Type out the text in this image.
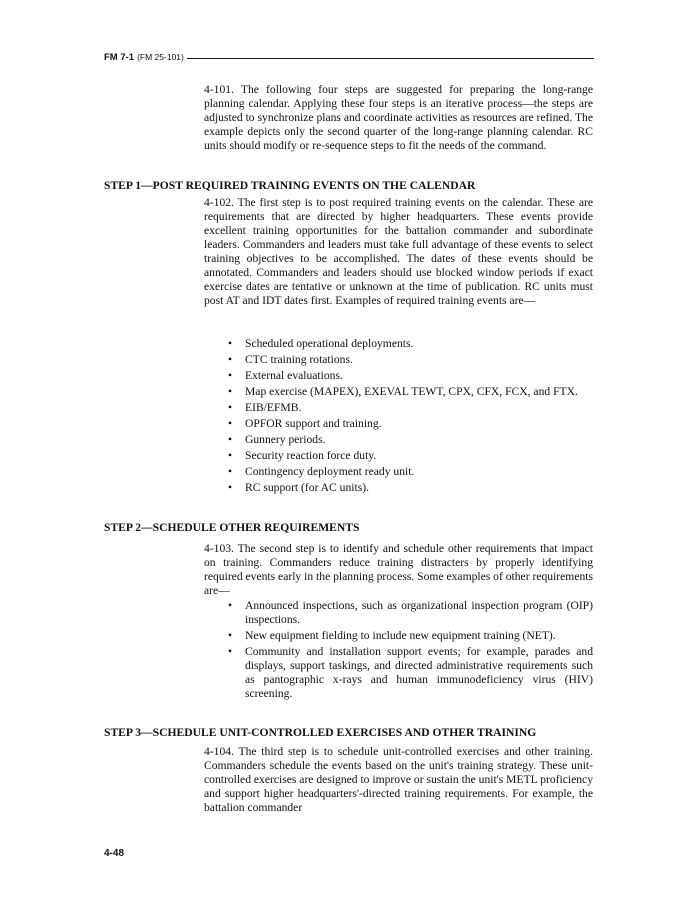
FM 7-1 (FM 25-101)

4-101. The following four steps are suggested for preparing the long-range planning calendar. Applying these four steps is an iterative process—the steps are adjusted to synchronize plans and coordinate activities as resources are refined. The example depicts only the second quarter of the long-range planning calendar. RC units should modify or re-sequence steps to fit the needs of the command.

STEP 1—POST REQUIRED TRAINING EVENTS ON THE CALENDAR

4-102. The first step is to post required training events on the calendar. These are requirements that are directed by higher headquarters. These events provide excellent training opportunities for the battalion commander and subordinate leaders. Commanders and leaders must take full advantage of these events to select training objectives to be accomplished. The dates of these events should be annotated. Commanders and leaders should use blocked window periods if exact exercise dates are tentative or unknown at the time of publication. RC units must post AT and IDT dates first. Examples of required training events are—

• Scheduled operational deployments.
• CTC training rotations.
• External evaluations.
• Map exercise (MAPEX), EXEVAL TEWT, CPX, CFX, FCX, and FTX.
• EIB/EFMB.
• OPFOR support and training.
• Gunnery periods.
• Security reaction force duty.
• Contingency deployment ready unit.
• RC support (for AC units).
STEP 2—SCHEDULE OTHER REQUIREMENTS

4-103. The second step is to identify and schedule other requirements that impact on training. Commanders reduce training distracters by properly identifying required events early in the planning process. Some examples of other requirements are—

• Announced inspections, such as organizational inspection program (OIP) inspections.
• New equipment fielding to include new equipment training (NET).
• Community and installation support events; for example, parades and displays, support taskings, and directed administrative requirements such as pantographic x-rays and human immunodeficiency virus (HIV) screening.
STEP 3—SCHEDULE UNIT-CONTROLLED EXERCISES AND OTHER TRAINING

4-104. The third step is to schedule unit-controlled exercises and other training. Commanders schedule the events based on the unit's training strategy. These unit-controlled exercises are designed to improve or sustain the unit's METL proficiency and support higher headquarters'-directed training requirements. For example, the battalion commander

4-48
